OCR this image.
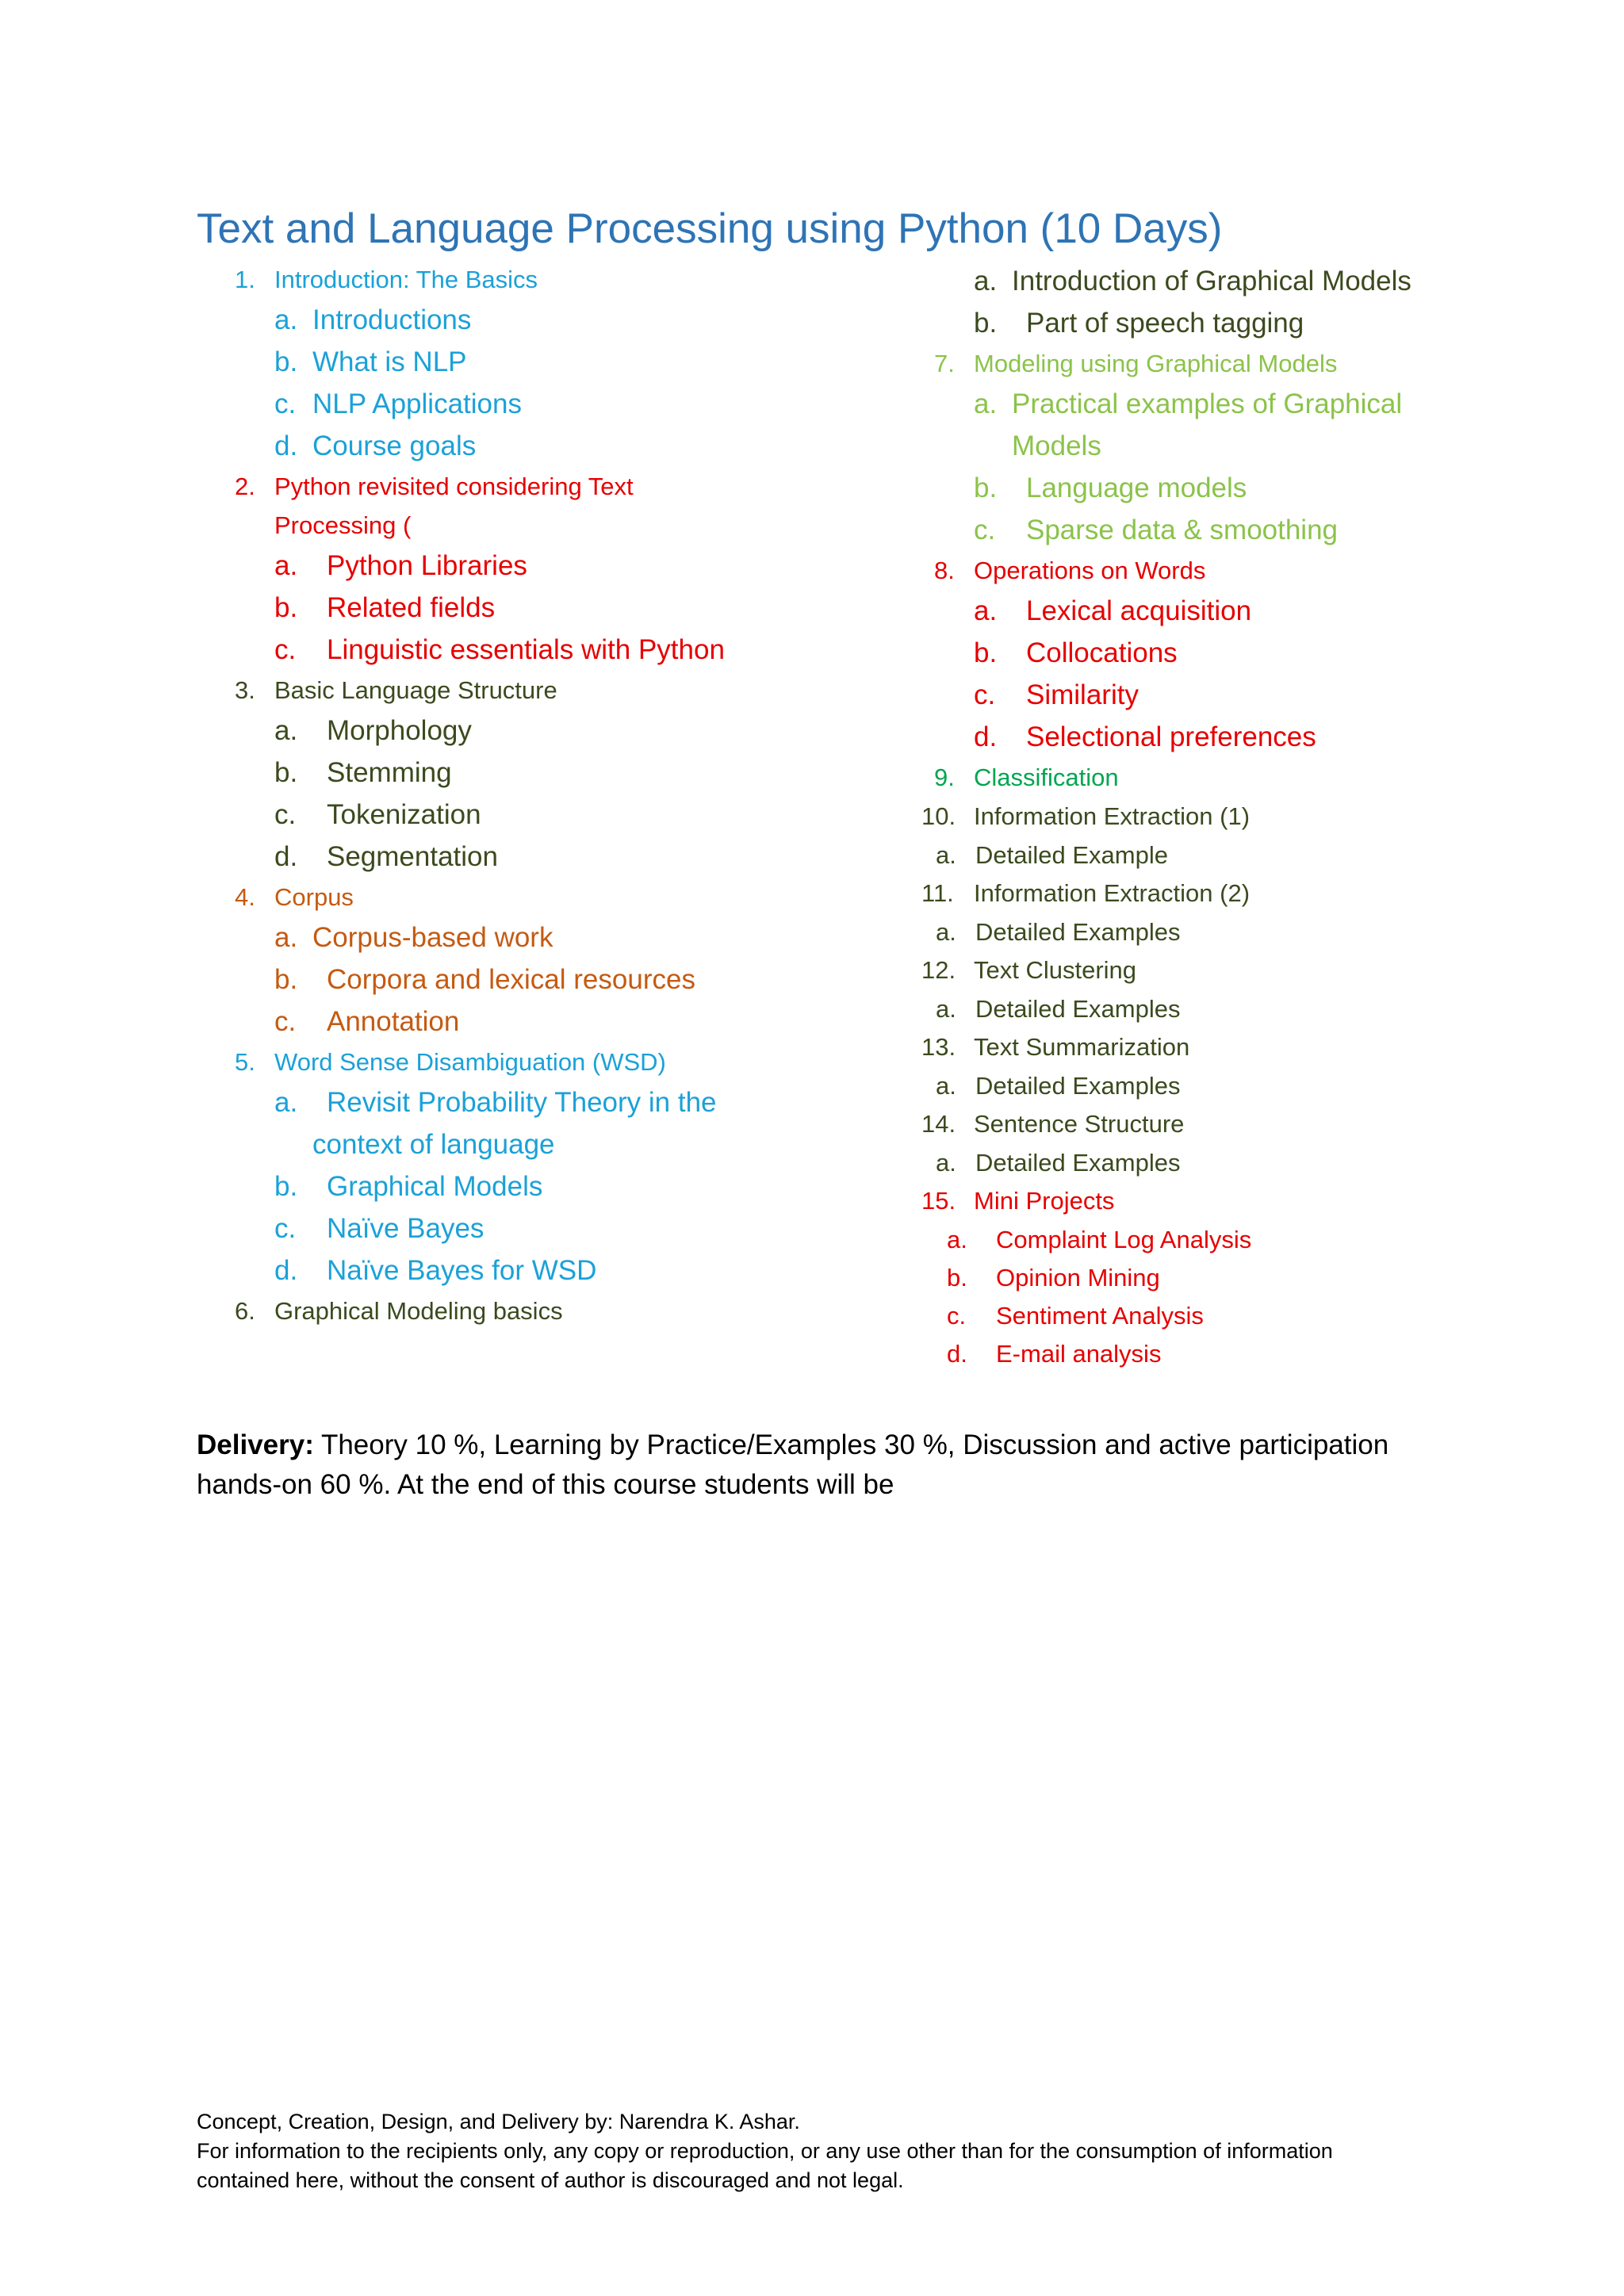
Text and Language Processing using Python (10 Days)
1. Introduction: The Basics
a. Introductions
b. What is NLP
c. NLP Applications
d. Course goals
2. Python revisited considering Text
Processing (
a. Python Libraries
b. Related fields
c. Linguistic essentials with Python
3. Basic Language Structure
a. Morphology
b. Stemming
c. Tokenization
d. Segmentation
4. Corpus
a. Corpus-based work
b. Corpora and lexical resources
c. Annotation
5. Word Sense Disambiguation (WSD)
a. Revisit Probability Theory in the
context of language
b. Graphical Models
c. Naïve Bayes
d. Naïve Bayes for WSD
6. Graphical Modeling basics
a. Introduction of Graphical Models
b. Part of speech tagging
7. Modeling using Graphical Models
a. Practical examples of Graphical
Models
b. Language models
c. Sparse data & smoothing
8. Operations on Words
a. Lexical acquisition
b. Collocations
c. Similarity
d. Selectional preferences
9. Classification
10. Information Extraction (1)
a. Detailed Example
11. Information Extraction (2)
a. Detailed Examples
12. Text Clustering
a. Detailed Examples
13. Text Summarization
a. Detailed Examples
14. Sentence Structure
a. Detailed Examples
15. Mini Projects
a. Complaint Log Analysis
b. Opinion Mining
c. Sentiment Analysis
d. E-mail analysis
Delivery: Theory 10 %, Learning by Practice/Examples 30 %, Discussion and active participation hands-on 60 %. At the end of this course students will be
Concept, Creation, Design, and Delivery by: Narendra K. Ashar.
For information to the recipients only, any copy or reproduction, or any use other than for the consumption of information
contained here, without the consent of author is discouraged and not legal.
